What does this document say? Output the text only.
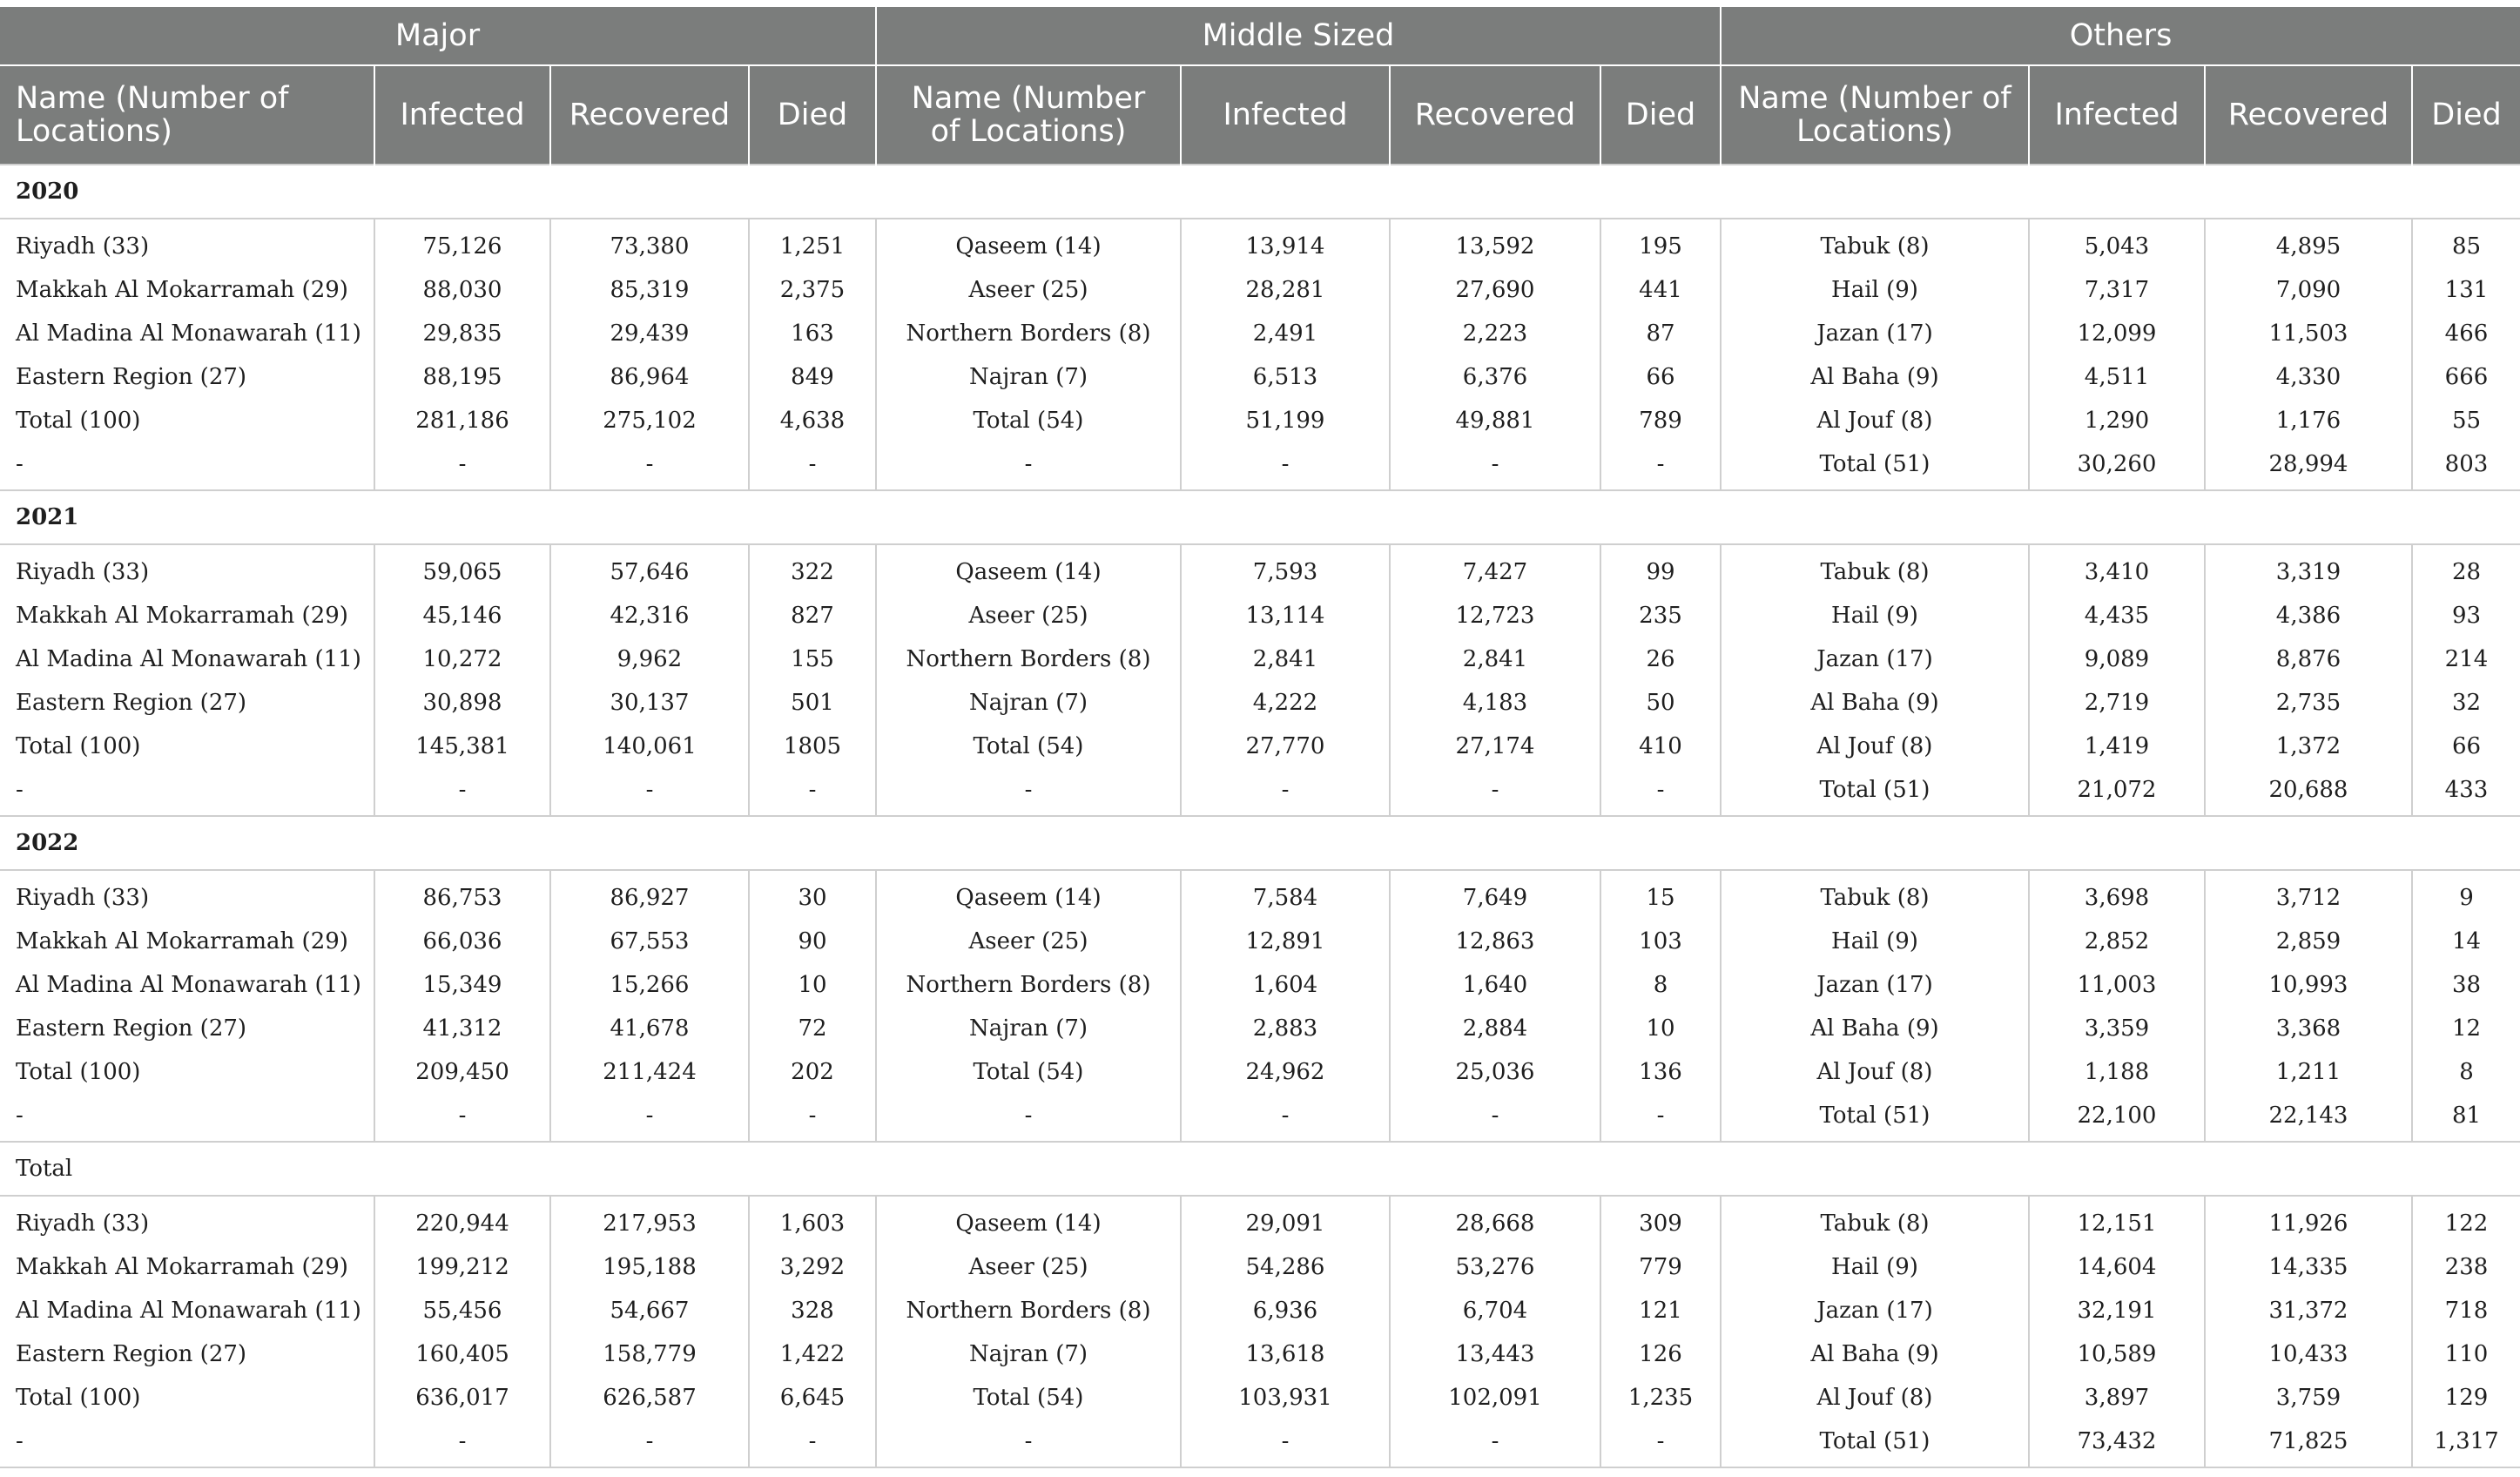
Major				Middle Sized				Others			
Name (Number of Locations)	Infected	Recovered	Died	Name (Number of Locations)	Infected	Recovered	Died	Name (Number of Locations)	Infected	Recovered	Died
2020											
Riyadh (33)	75,126	73,380	1,251	Qaseem (14)	13,914	13,592	195	Tabuk (8)	5,043	4,895	85
Makkah Al Mokarramah (29)	88,030	85,319	2,375	Aseer (25)	28,281	27,690	441	Hail (9)	7,317	7,090	131
Al Madina Al Monawarah (11)	29,835	29,439	163	Northern Borders (8)	2,491	2,223	87	Jazan (17)	12,099	11,503	466
Eastern Region (27)	88,195	86,964	849	Najran (7)	6,513	6,376	66	Al Baha (9)	4,511	4,330	666
Total (100)	281,186	275,102	4,638	Total (54)	51,199	49,881	789	Al Jouf (8)	1,290	1,176	55
-	-	-	-	-	-	-	-	Total (51)	30,260	28,994	803
2021											
Riyadh (33)	59,065	57,646	322	Qaseem (14)	7,593	7,427	99	Tabuk (8)	3,410	3,319	28
Makkah Al Mokarramah (29)	45,146	42,316	827	Aseer (25)	13,114	12,723	235	Hail (9)	4,435	4,386	93
Al Madina Al Monawarah (11)	10,272	9,962	155	Northern Borders (8)	2,841	2,841	26	Jazan (17)	9,089	8,876	214
Eastern Region (27)	30,898	30,137	501	Najran (7)	4,222	4,183	50	Al Baha (9)	2,719	2,735	32
Total (100)	145,381	140,061	1805	Total (54)	27,770	27,174	410	Al Jouf (8)	1,419	1,372	66
-	-	-	-	-	-	-	-	Total (51)	21,072	20,688	433
2022											
Riyadh (33)	86,753	86,927	30	Qaseem (14)	7,584	7,649	15	Tabuk (8)	3,698	3,712	9
Makkah Al Mokarramah (29)	66,036	67,553	90	Aseer (25)	12,891	12,863	103	Hail (9)	2,852	2,859	14
Al Madina Al Monawarah (11)	15,349	15,266	10	Northern Borders (8)	1,604	1,640	8	Jazan (17)	11,003	10,993	38
Eastern Region (27)	41,312	41,678	72	Najran (7)	2,883	2,884	10	Al Baha (9)	3,359	3,368	12
Total (100)	209,450	211,424	202	Total (54)	24,962	25,036	136	Al Jouf (8)	1,188	1,211	8
-	-	-	-	-	-	-	-	Total (51)	22,100	22,143	81
Total											
Riyadh (33)	220,944	217,953	1,603	Qaseem (14)	29,091	28,668	309	Tabuk (8)	12,151	11,926	122
Makkah Al Mokarramah (29)	199,212	195,188	3,292	Aseer (25)	54,286	53,276	779	Hail (9)	14,604	14,335	238
Al Madina Al Monawarah (11)	55,456	54,667	328	Northern Borders (8)	6,936	6,704	121	Jazan (17)	32,191	31,372	718
Eastern Region (27)	160,405	158,779	1,422	Najran (7)	13,618	13,443	126	Al Baha (9)	10,589	10,433	110
Total (100)	636,017	626,587	6,645	Total (54)	103,931	102,091	1,235	Al Jouf (8)	3,897	3,759	129
-	-	-	-	-	-	-	-	Total (51)	73,432	71,825	1,317
